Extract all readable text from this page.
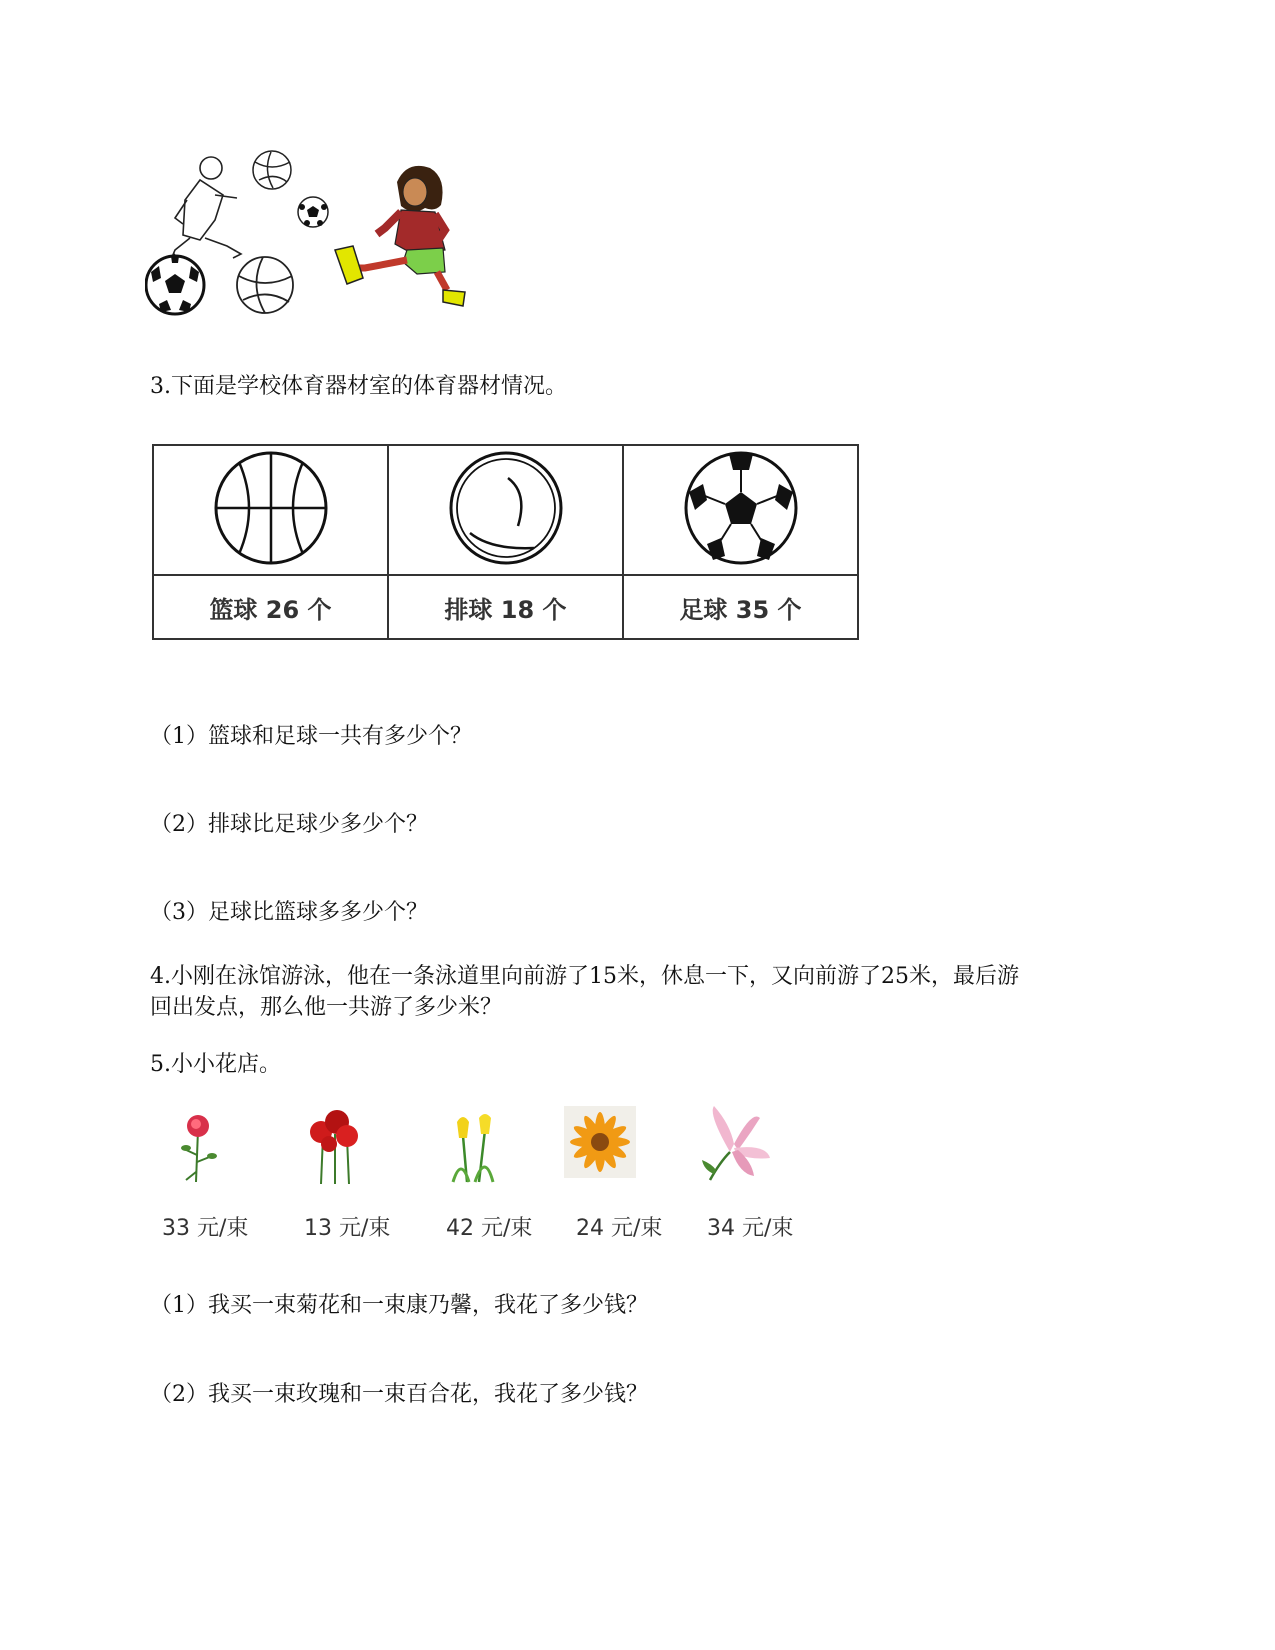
3.下面是学校体育器材室的体育器材情况。

篮球 26 个	排球 18 个	足球 35 个
（1）篮球和足球一共有多少个？
（2）排球比足球少多少个？
（3）足球比篮球多多少个？
4.小刚在泳馆游泳，他在一条泳道里向前游了15米，休息一下，又向前游了25米，最后游
回出发点，那么他一共游了多少米？
5.小小花店。
33 元/束	13 元/束	42 元/束 24 元/束 34 元/束
（1）我买一束菊花和一束康乃馨，我花了多少钱？
（2）我买一束玫瑰和一束百合花，我花了多少钱？
